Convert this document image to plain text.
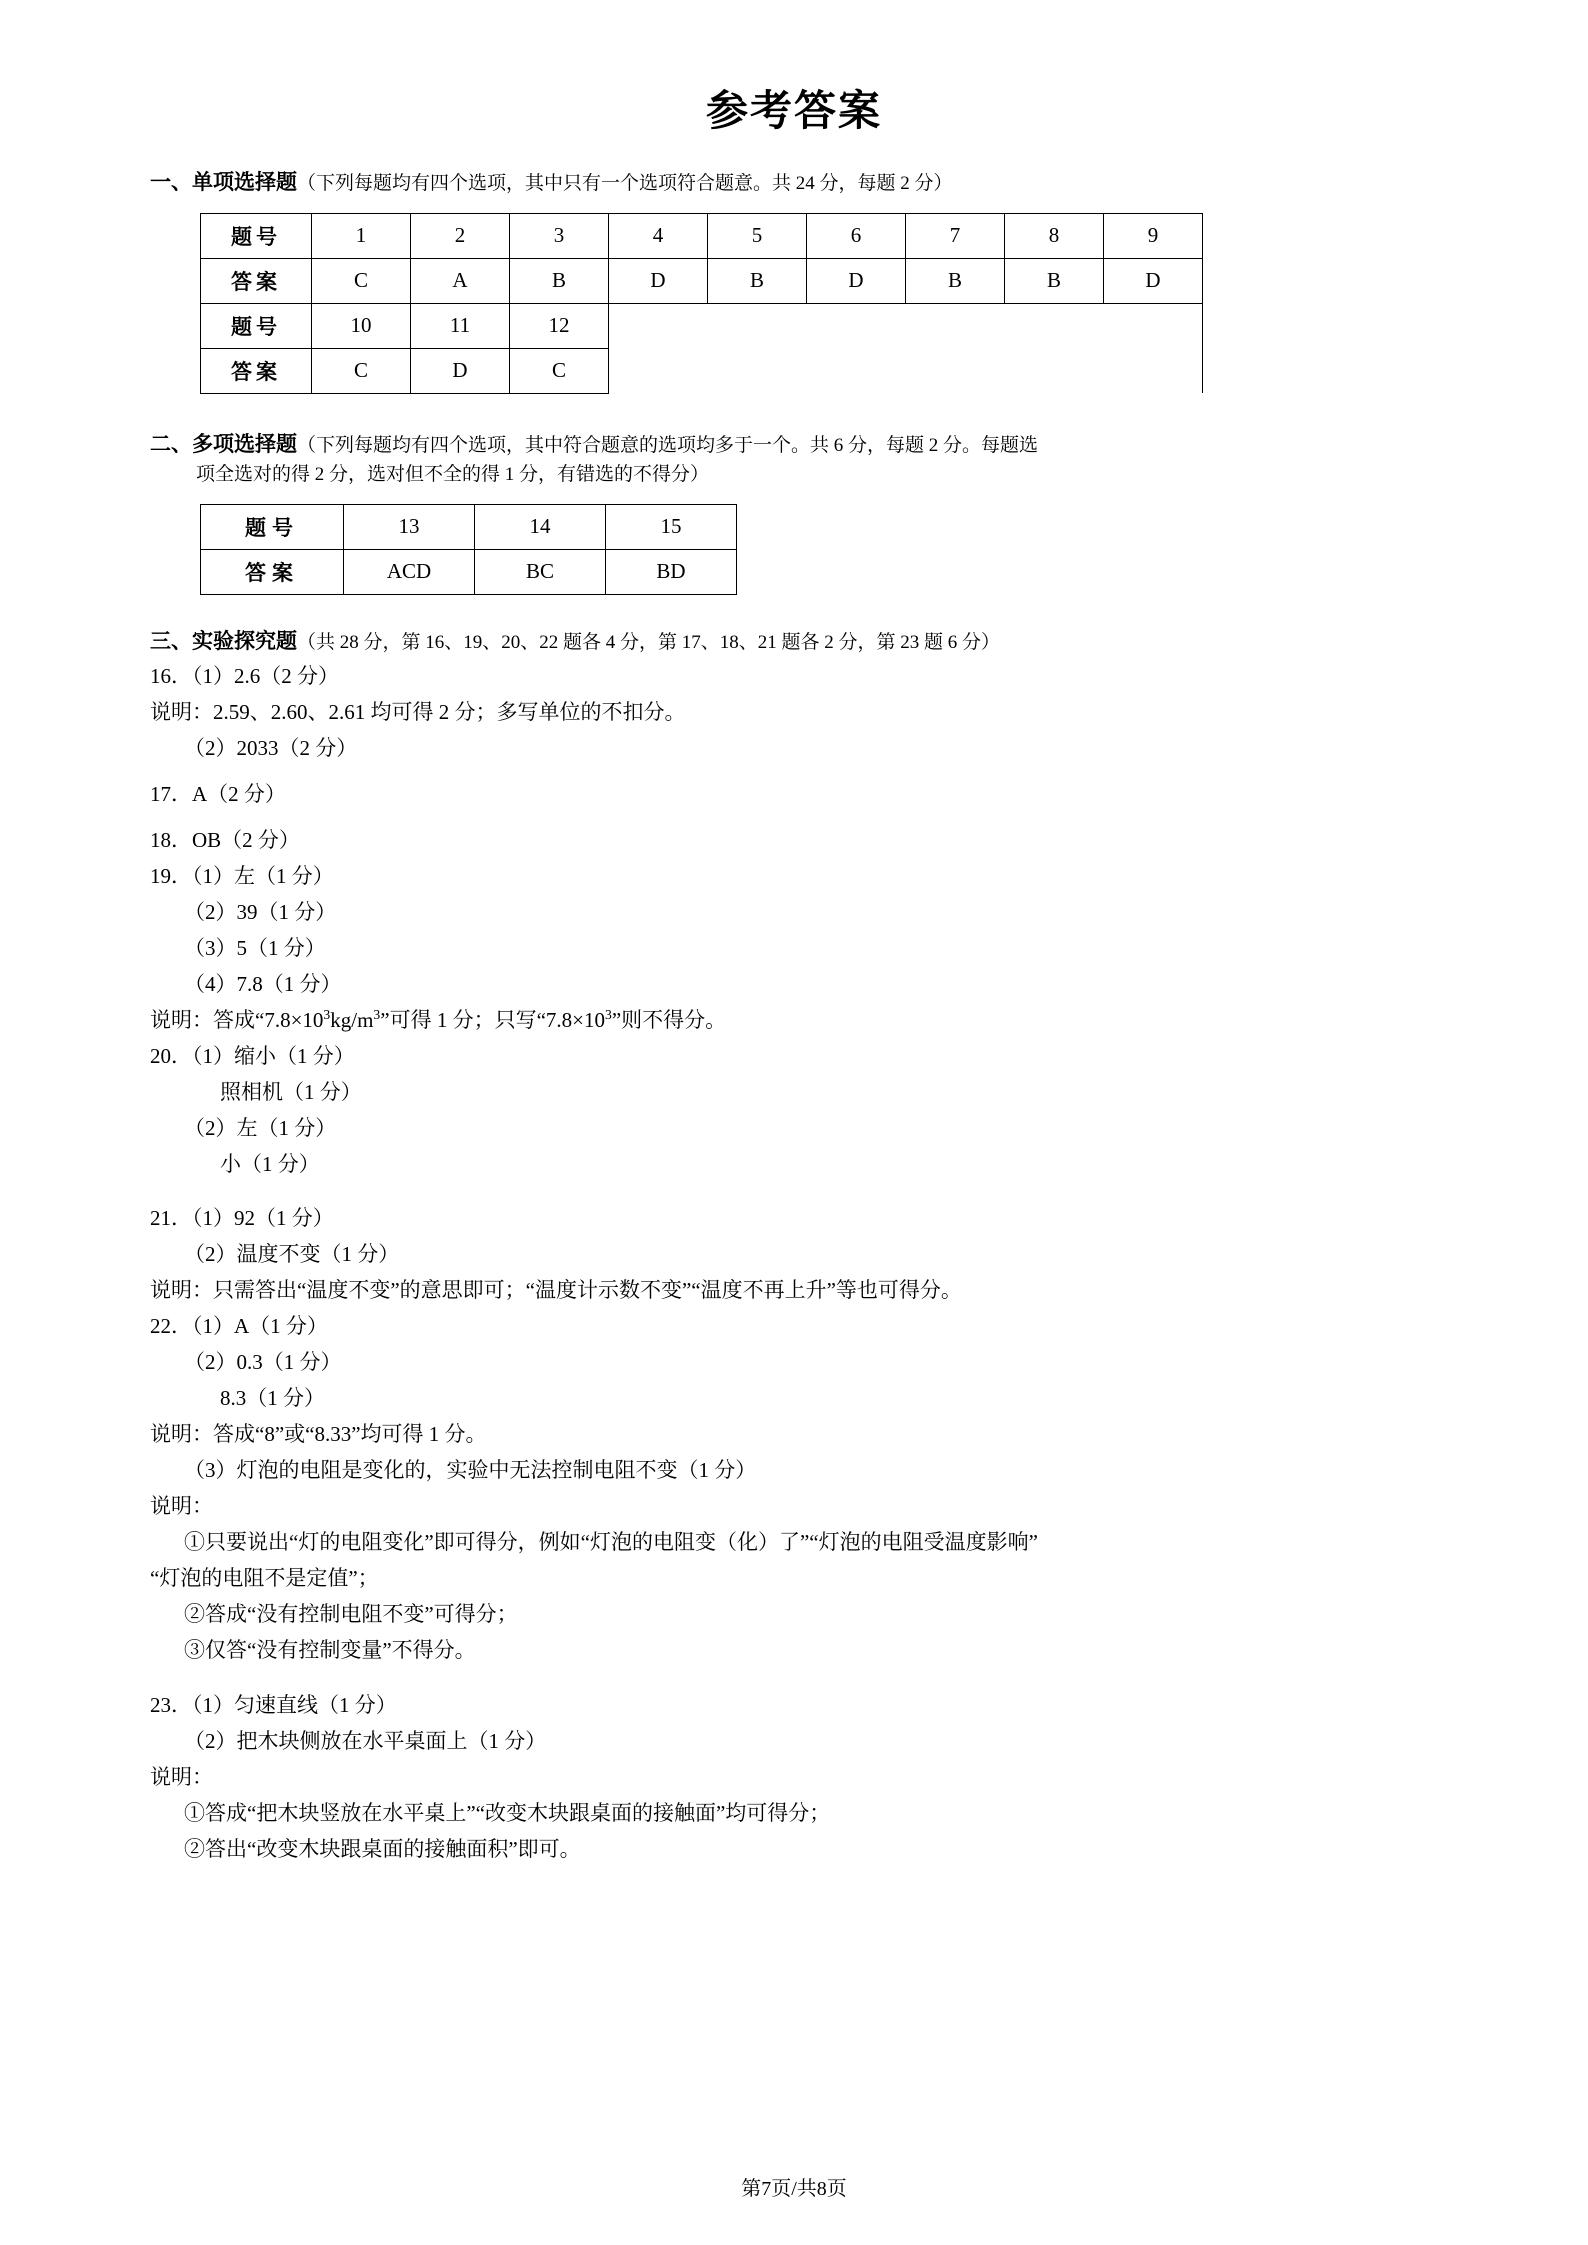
参考答案
一、单项选择题（下列每题均有四个选项，其中只有一个选项符合题意。共 24 分，每题 2 分）
题号	1	2	3	4	5	6	7	8	9
答案	C	A	B	D	B	D	B	B	D
题号	10	11	12						
答案	C	D	C						
二、多项选择题（下列每题均有四个选项，其中符合题意的选项均多于一个。共 6 分，每题 2 分。每题选
项全选对的得 2 分，选对但不全的得 1 分，有错选的不得分）
题号	13	14	15
答案	ACD	BC	BD
三、实验探究题（共 28 分，第 16、19、20、22 题各 4 分，第 17、18、21 题各 2 分，第 23 题 6 分）
16．（1）2.6（2 分）
说明：2.59、2.60、2.61 均可得 2 分；多写单位的不扣分。
（2）2033（2 分）
17．A（2 分）
18．OB（2 分）
19．（1）左（1 分）
（2）39（1 分）
（3）5（1 分）
（4）7.8（1 分）
说明：答成“$7.8\times 10^3kg/m^3$”可得 1 分；只写“$7.8\times 10^3$”则不得分。
20．（1）缩小（1 分）
照相机（1 分）
（2）左（1 分）
小（1 分）
21．（1）92（1 分）
（2）温度不变（1 分）
说明：只需答出“温度不变”的意思即可；“温度计示数不变”“温度不再上升”等也可得分。
22．（1）A（1 分）
（2）0.3（1 分）
8.3（1 分）
说明：答成“8”或“8.33”均可得 1 分。
（3）灯泡的电阻是变化的，实验中无法控制电阻不变（1 分）
说明：
①只要说出“灯的电阻变化”即可得分，例如“灯泡的电阻变（化）了”“灯泡的电阻受温度影响”
“灯泡的电阻不是定值”；
②答成“没有控制电阻不变”可得分；
③仅答“没有控制变量”不得分。
23．（1）匀速直线（1 分）
（2）把木块侧放在水平桌面上（1 分）
说明：
①答成“把木块竖放在水平桌上”“改变木块跟桌面的接触面”均可得分；
②答出“改变木块跟桌面的接触面积”即可。
第7页/共8页
